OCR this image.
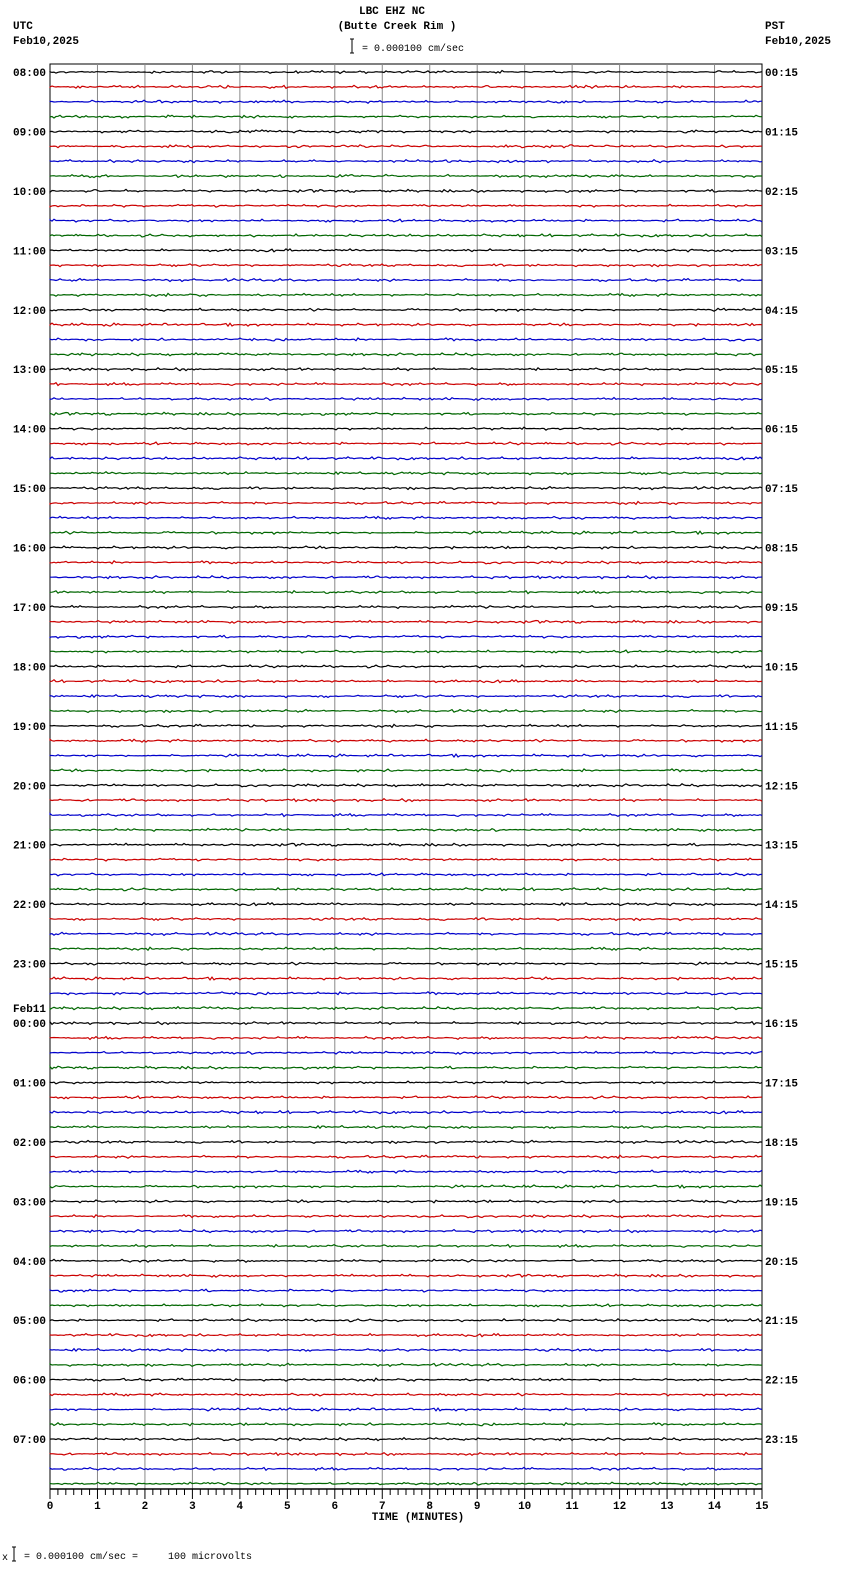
LBC EHZ NC
(Butte Creek Rim )
UTC
Feb10,2025
PST
Feb10,2025
= 0.000100 cm/sec
08:00	00:15
09:00	01:15
10:00	02:15
11:00	03:15
12:00	04:15
13:00	05:15
14:00	06:15
15:00	07:15
16:00	08:15
17:00	09:15
18:00	10:15
19:00	11:15
20:00	12:15
21:00	13:15
22:00	14:15
23:00	15:15
00:00	16:15
Feb11
01:00	17:15
02:00	18:15
03:00	19:15
04:00	20:15
05:00	21:15
06:00	22:15
07:00	23:15
0	1	2	3	4	5	6	7	8	9	10	11	12	13	14	15
TIME (MINUTES)
x = 0.000100 cm/sec =     100 microvolts
